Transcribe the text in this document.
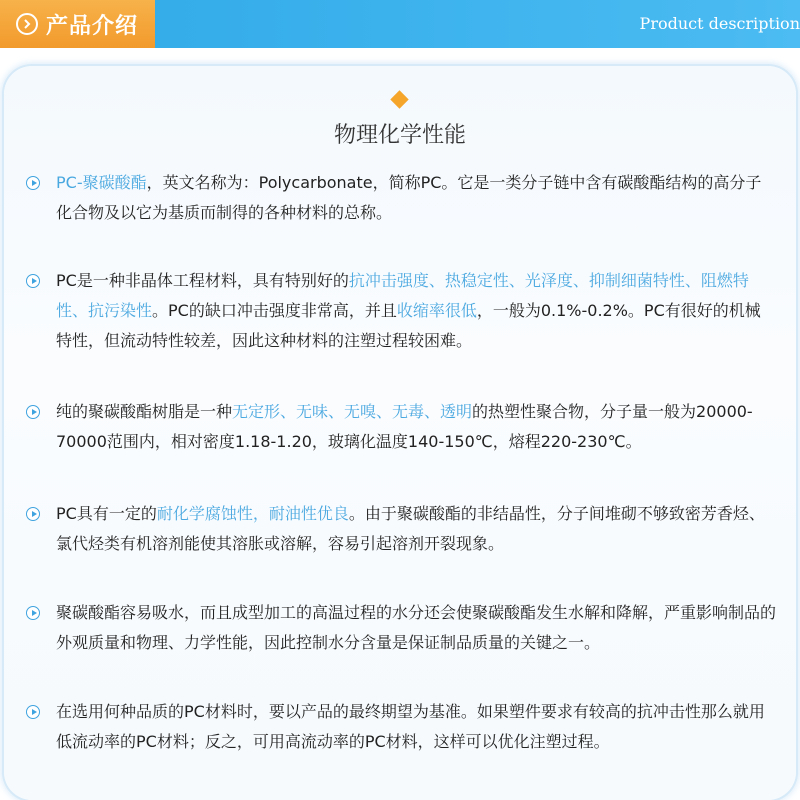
产品介绍	Product description
物理化学性能
PC-聚碳酸酯，英文名称为：Polycarbonate，简称PC。它是一类分子链中含有碳酸酯结构的高分子化合物及以它为基质而制得的各种材料的总称。
PC是一种非晶体工程材料，具有特别好的抗冲击强度、热稳定性、光泽度、抑制细菌特性、阻燃特性、抗污染性。PC的缺口冲击强度非常高，并且收缩率很低，一般为0.1%-0.2%。PC有很好的机械特性，但流动特性较差，因此这种材料的注塑过程较困难。
纯的聚碳酸酯树脂是一种无定形、无味、无嗅、无毒、透明的热塑性聚合物，分子量一般为20000-70000范围内，相对密度1.18-1.20，玻璃化温度140-150℃，熔程220-230℃。
PC具有一定的耐化学腐蚀性，耐油性优良。由于聚碳酸酯的非结晶性，分子间堆砌不够致密芳香烃、氯代烃类有机溶剂能使其溶胀或溶解，容易引起溶剂开裂现象。
聚碳酸酯容易吸水，而且成型加工的高温过程的水分还会使聚碳酸酯发生水解和降解，严重影响制品的外观质量和物理、力学性能，因此控制水分含量是保证制品质量的关键之一。
在选用何种品质的PC材料时，要以产品的最终期望为基准。如果塑件要求有较高的抗冲击性那么就用低流动率的PC材料；反之，可用高流动率的PC材料，这样可以优化注塑过程。
